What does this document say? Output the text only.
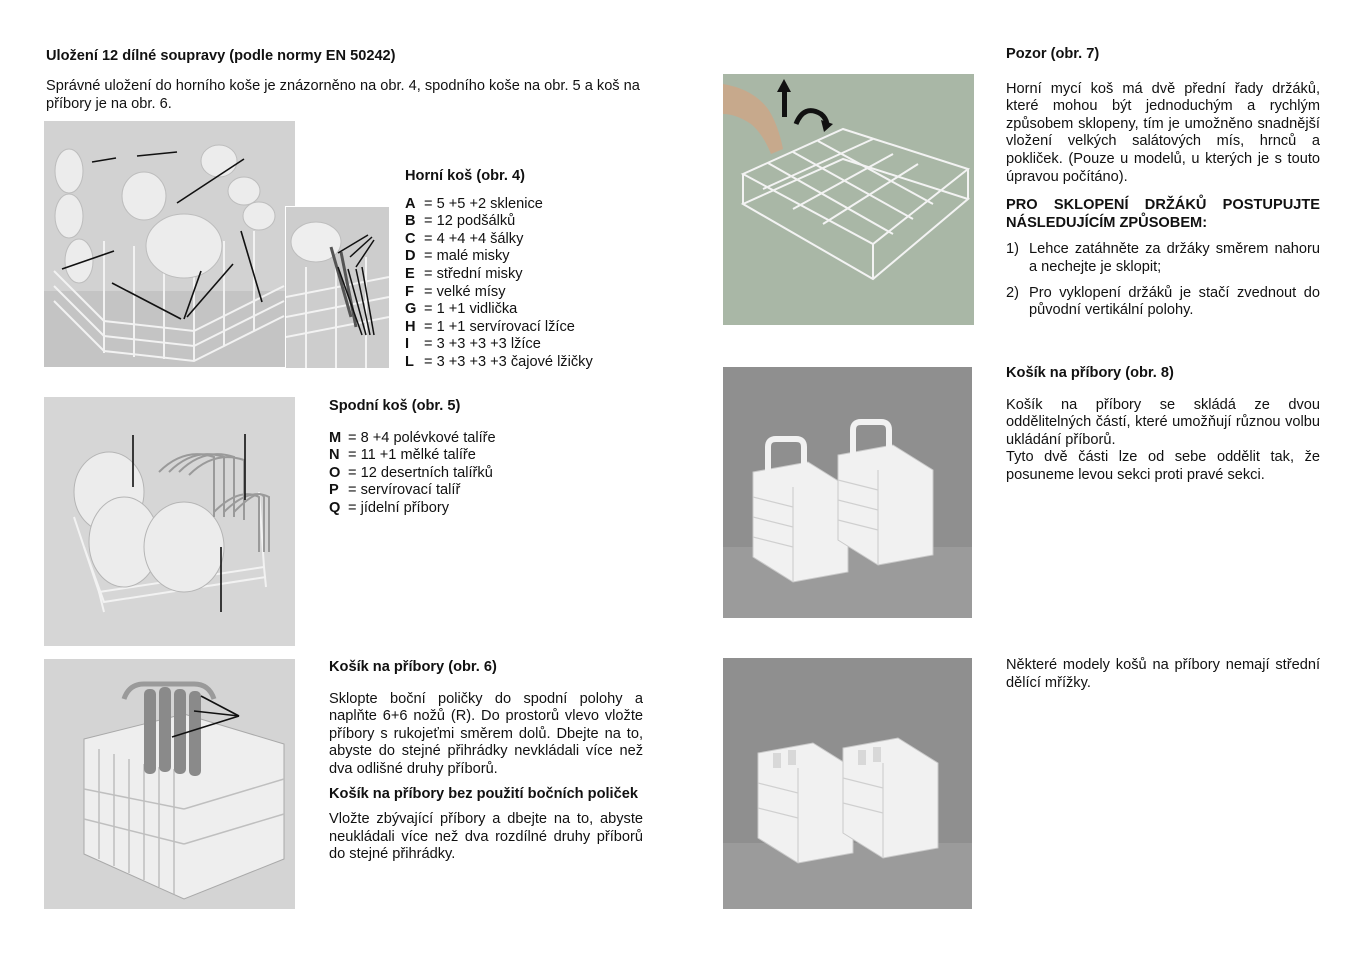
Uložení 12 dílné soupravy (podle normy EN 50242)

Správné uložení do horního koše je znázorněno na obr. 4, spodního koše na obr. 5 a koš na příbory je na obr. 6.

Horní koš (obr. 4)
A = 5 +5 +2 sklenice
B = 12 podšálků
C = 4 +4 +4 šálky
D = malé misky
E = střední misky
F = velké mísy
G = 1 +1 vidlička
H = 1 +1 servírovací lžíce
I	= 3 +3 +3 +3 lžíce
L = 3 +3 +3 +3 čajové lžičky
Spodní koš (obr. 5)
M = 8 +4 polévkové talíře
N = 11 +1 mělké talíře
O = 12 desertních talířků
P = servírovací talíř
Q = jídelní příbory
Košík na příbory (obr. 6)

Sklopte boční poličky do spodní polohy a naplňte 6+6 nožů (R). Do prostorů vlevo vložte příbory s rukojeťmi směrem dolů. Dbejte na to, abyste do stejné přihrádky nevkládali více než dva odlišné druhy příborů.

Košík na příbory bez použití bočních poliček

Vložte zbývající příbory a dbejte na to, abyste neukládali více než dva rozdílné druhy příborů do stejné přihrádky.

Pozor (obr. 7)

Horní mycí koš má dvě přední řady držáků, které mohou být jednoduchým a rychlým způsobem sklopeny, tím je umožněno snadnější vložení velkých salátových mís, hrnců a pokliček. (Pouze u modelů, u kterých je s touto úpravou počítáno).

PRO SKLOPENÍ DRŽÁKŮ POSTUPUJTE NÁSLEDUJÍCÍM ZPŮSOBEM:
1) Lehce zatáhněte za držáky směrem nahoru a nechejte je sklopit;
2) Pro vyklopení držáků je stačí zvednout do původní vertikální polohy.
Košík na příbory (obr. 8)

Košík na příbory se skládá ze dvou oddělitelných částí, které umožňují různou volbu ukládání příborů.

Tyto dvě části lze od sebe oddělit tak, že posuneme levou sekci proti pravé sekci.

Některé modely košů na příbory nemají střední dělící mřížky.
